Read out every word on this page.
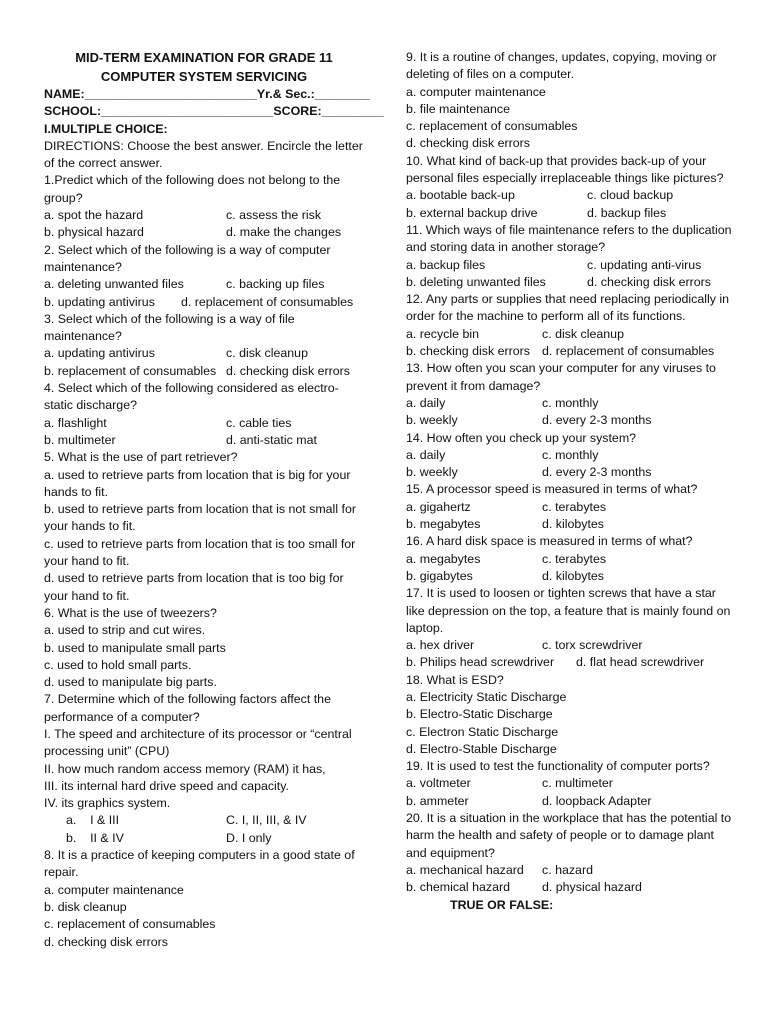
MID-TERM EXAMINATION FOR GRADE 11
COMPUTER SYSTEM SERVICING
NAME:_________________________Yr.& Sec.:________
SCHOOL:_________________________SCORE:_________
I.MULTIPLE CHOICE:
DIRECTIONS: Choose the best answer. Encircle the letter of the correct answer.
1.Predict which of the following does not belong to the group?
a. spot the hazard	c. assess the risk
b. physical hazard	d. make the changes
2. Select which of the following is a way of computer maintenance?
a. deleting unwanted files	c. backing up files
b. updating antivirus	d. replacement of consumables
3. Select which of the following is a way of file maintenance?
a. updating antivirus	c. disk cleanup
b. replacement of consumables d. checking disk errors
4. Select which of the following considered as electro-static discharge?
a. flashlight	c. cable ties
b. multimeter	d. anti-static mat
5. What is the use of part retriever?
a. used to retrieve parts from location that is big for your hands to fit.
b. used to retrieve parts from location that is not small for your hands to fit.
c. used to retrieve parts from location that is too small for your hand to fit.
d. used to retrieve parts from location that is too big for your hand to fit.
6. What is the use of tweezers?
a. used to strip and cut wires.
b. used to manipulate small parts
c. used to hold small parts.
d. used to manipulate big parts.
7. Determine which of the following factors affect the performance of a computer?
I. The speed and architecture of its processor or “central processing unit” (CPU)
II. how much random access memory (RAM) it has,
III. its internal hard drive speed and capacity.
IV. its graphics system.
a.    I & III	C. I, II, III, & IV
b.    II & IV	D. I only
8. It is a practice of keeping computers in a good state of repair.
a. computer maintenance
b. disk cleanup
c. replacement of consumables
d. checking disk errors
9. It is a routine of changes, updates, copying, moving or deleting of files on a computer.
a. computer maintenance
b. file maintenance
c. replacement of consumables
d. checking disk errors
10. What kind of back-up that provides back-up of your personal files especially irreplaceable things like pictures?
a. bootable back-up	c. cloud backup
b. external backup drive	d. backup files
11. Which ways of file maintenance refers to the duplication and storing data in another storage?
a. backup files	c. updating anti-virus
b. deleting unwanted files	d. checking disk errors
12. Any parts or supplies that need replacing periodically in order for the machine to perform all of its functions.
a. recycle bin	c. disk cleanup
b. checking disk errors d. replacement of consumables
13. How often you scan your computer for any viruses to prevent it from damage?
a. daily	c. monthly
b. weekly	d. every 2-3 months
14. How often you check up your system?
a. daily	c. monthly
b. weekly	d. every 2-3 months
15. A processor speed is measured in terms of what?
a. gigahertz	c. terabytes
b. megabytes	d. kilobytes
16. A hard disk space is measured in terms of what?
a. megabytes	c. terabytes
b. gigabytes	d. kilobytes
17. It is used to loosen or tighten screws that have a star like depression on the top, a feature that is mainly found on laptop.
a. hex driver	c. torx screwdriver
b. Philips head screwdriver	d. flat head screwdriver
18. What is ESD?
a. Electricity Static Discharge
b. Electro-Static Discharge
c. Electron Static Discharge
d. Electro-Stable Discharge
19. It is used to test the functionality of computer ports?
a. voltmeter	c. multimeter
b. ammeter	d. loopback Adapter
20. It is a situation in the workplace that has the potential to harm the health and safety of people or to damage plant and equipment?
a. mechanical hazard	c. hazard
b. chemical hazard	d. physical hazard
TRUE OR FALSE:
